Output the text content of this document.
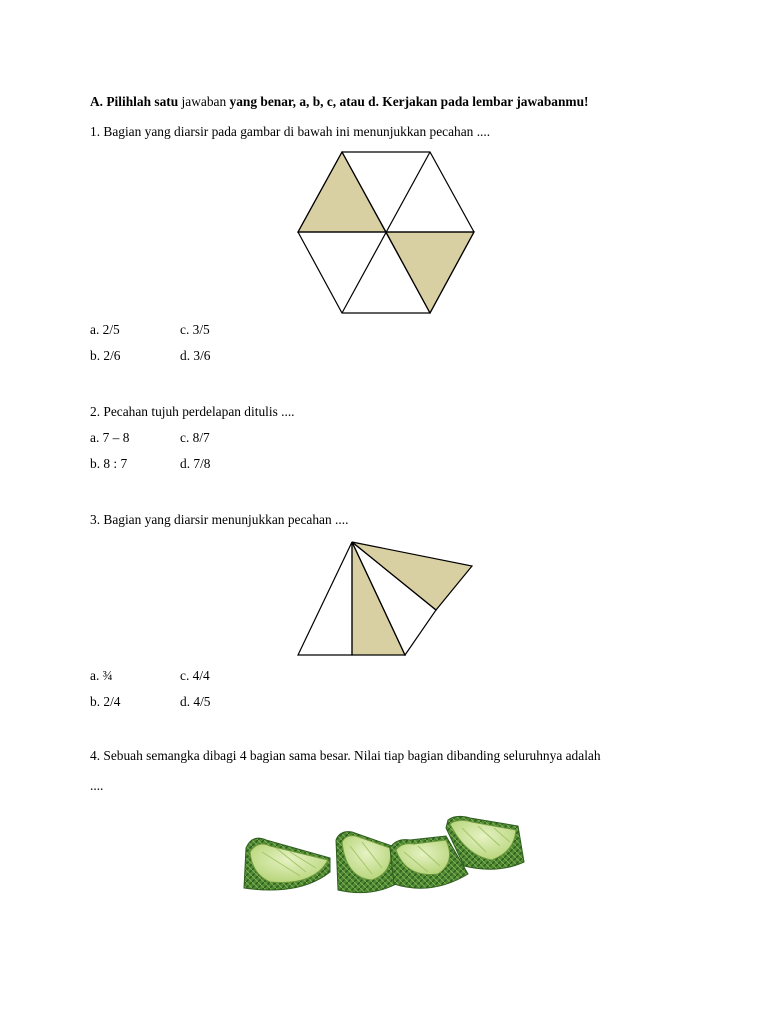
A. Pilihlah satu jawaban yang benar, a, b, c, atau d. Kerjakan pada lembar jawabanmu!
1. Bagian yang diarsir pada gambar di bawah ini menunjukkan pecahan ....
a. 2/5	c. 3/5
b. 2/6	d. 3/6
2. Pecahan tujuh perdelapan ditulis ....
a. 7 – 8	c. 8/7
b. 8 : 7	d. 7/8
3. Bagian yang diarsir menunjukkan pecahan ....
a. ¾	c. 4/4
b. 2/4	d. 4/5
4. Sebuah semangka dibagi 4 bagian sama besar. Nilai tiap bagian dibanding seluruhnya adalah
....
